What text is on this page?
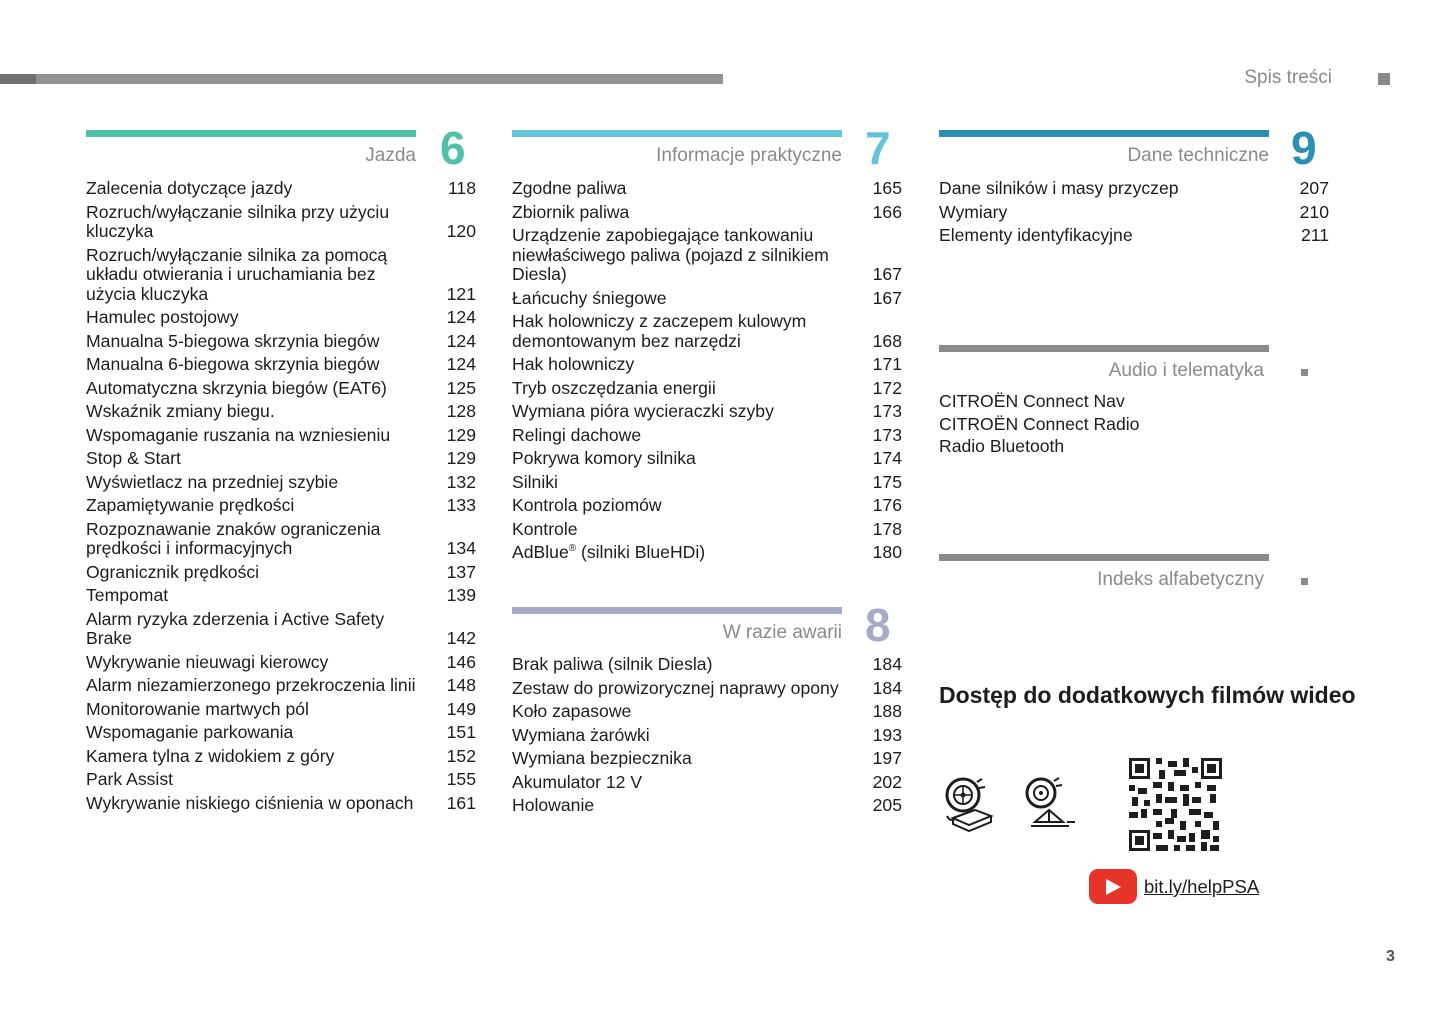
Spis treści
Jazda 6
Zalecenia dotyczące jazdy	118
Rozruch/wyłączanie silnika przy użyciu kluczyka	120
Rozruch/wyłączanie silnika za pomocą układu otwierania i uruchamiania bez użycia kluczyka	121
Hamulec postojowy	124
Manualna 5-biegowa skrzynia biegów	124
Manualna 6-biegowa skrzynia biegów	124
Automatyczna skrzynia biegów (EAT6)	125
Wskaźnik zmiany biegu.	128
Wspomaganie ruszania na wzniesieniu	129
Stop & Start	129
Wyświetlacz na przedniej szybie	132
Zapamiętywanie prędkości	133
Rozpoznawanie znaków ograniczenia prędkości i informacyjnych	134
Ogranicznik prędkości	137
Tempomat	139
Alarm ryzyka zderzenia i Active Safety Brake	142
Wykrywanie nieuwagi kierowcy	146
Alarm niezamierzonego przekroczenia linii	148
Monitorowanie martwych pól	149
Wspomaganie parkowania	151
Kamera tylna z widokiem z góry	152
Park Assist	155
Wykrywanie niskiego ciśnienia w oponach	161
Informacje praktyczne 7
Zgodne paliwa	165
Zbiornik paliwa	166
Urządzenie zapobiegające tankowaniu niewłaściwego paliwa (pojazd z silnikiem Diesla)	167
Łańcuchy śniegowe	167
Hak holowniczy z zaczepem kulowym demontowanym bez narzędzi	168
Hak holowniczy	171
Tryb oszczędzania energii	172
Wymiana pióra wycieraczki szyby	173
Relingi dachowe	173
Pokrywa komory silnika	174
Silniki	175
Kontrola poziomów	176
Kontrole	178
AdBlue® (silniki BlueHDi)	180
W razie awarii 8
Brak paliwa (silnik Diesla)	184
Zestaw do prowizorycznej naprawy opony	184
Koło zapasowe	188
Wymiana żarówki	193
Wymiana bezpiecznika	197
Akumulator 12 V	202
Holowanie	205
Dane techniczne 9
Dane silników i masy przyczep	207
Wymiary	210
Elementy identyfikacyjne	211
Audio i telematyka
CITROËN Connect Nav
CITROËN Connect Radio
Radio Bluetooth
Indeks alfabetyczny
Dostęp do dodatkowych filmów wideo
bit.ly/helpPSA
3
